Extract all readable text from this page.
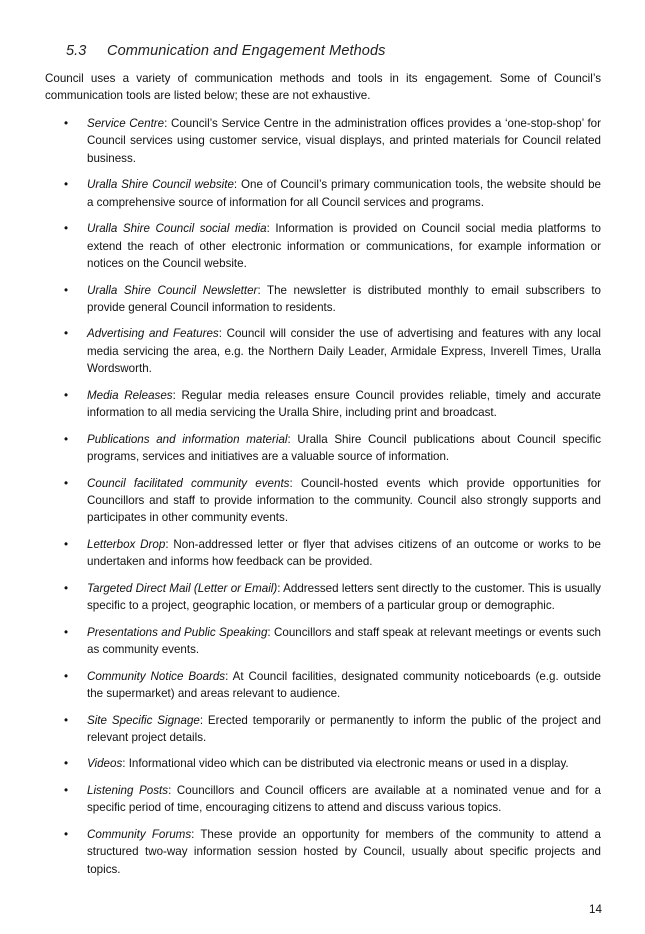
5.3 Communication and Engagement Methods
Council uses a variety of communication methods and tools in its engagement. Some of Council’s communication tools are listed below; these are not exhaustive.
• Service Centre: Council’s Service Centre in the administration offices provides a ‘one-stop-shop’ for Council services using customer service, visual displays, and printed materials for Council related business.
• Uralla Shire Council website: One of Council’s primary communication tools, the website should be a comprehensive source of information for all Council services and programs.
• Uralla Shire Council social media: Information is provided on Council social media platforms to extend the reach of other electronic information or communications, for example information or notices on the Council website.
• Uralla Shire Council Newsletter: The newsletter is distributed monthly to email subscribers to provide general Council information to residents.
• Advertising and Features: Council will consider the use of advertising and features with any local media servicing the area, e.g. the Northern Daily Leader, Armidale Express, Inverell Times, Uralla Wordsworth.
• Media Releases: Regular media releases ensure Council provides reliable, timely and accurate information to all media servicing the Uralla Shire, including print and broadcast.
• Publications and information material: Uralla Shire Council publications about Council specific programs, services and initiatives are a valuable source of information.
• Council facilitated community events: Council-hosted events which provide opportunities for Councillors and staff to provide information to the community. Council also strongly supports and participates in other community events.
• Letterbox Drop: Non-addressed letter or flyer that advises citizens of an outcome or works to be undertaken and informs how feedback can be provided.
• Targeted Direct Mail (Letter or Email): Addressed letters sent directly to the customer. This is usually specific to a project, geographic location, or members of a particular group or demographic.
• Presentations and Public Speaking: Councillors and staff speak at relevant meetings or events such as community events.
• Community Notice Boards: At Council facilities, designated community noticeboards (e.g. outside the supermarket) and areas relevant to audience.
• Site Specific Signage: Erected temporarily or permanently to inform the public of the project and relevant project details.
• Videos: Informational video which can be distributed via electronic means or used in a display.
• Listening Posts: Councillors and Council officers are available at a nominated venue and for a specific period of time, encouraging citizens to attend and discuss various topics.
• Community Forums: These provide an opportunity for members of the community to attend a structured two-way information session hosted by Council, usually about specific projects and topics.
14
